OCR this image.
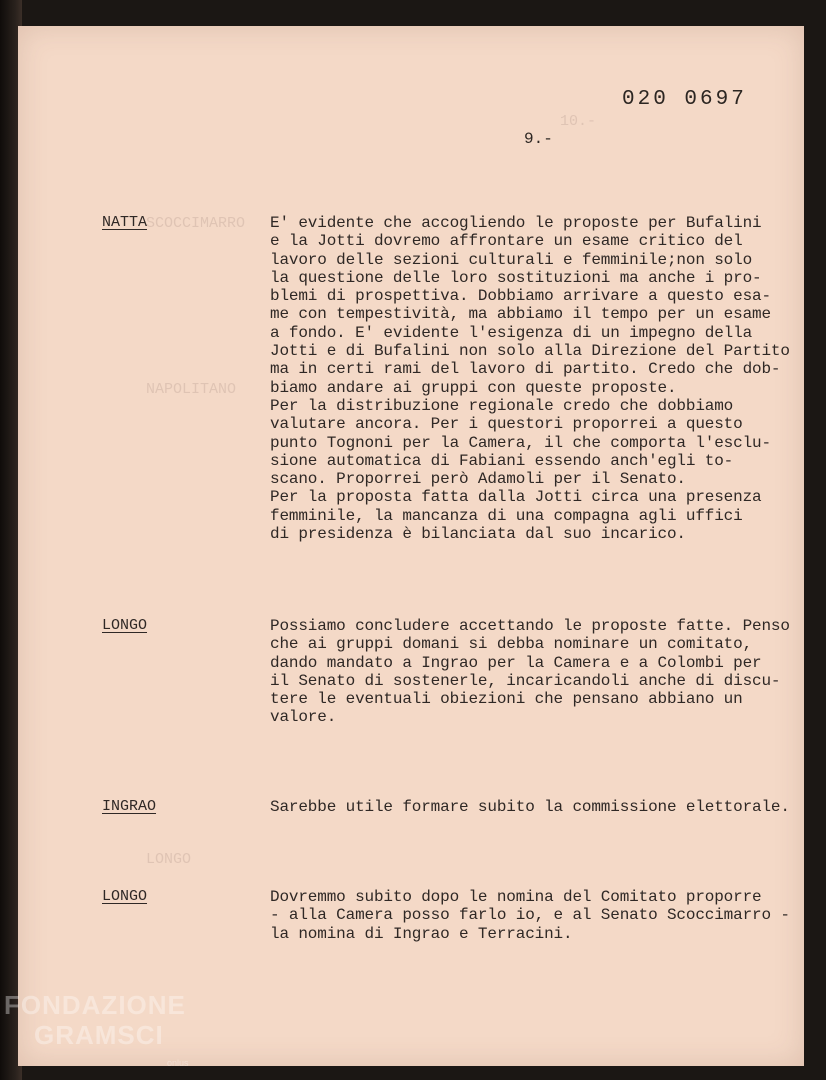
020 0697
9.-
NATTA	E' evidente che accogliendo le proposte per Bufalini
e la Jotti dovremo affrontare un esame critico del
lavoro delle sezioni culturali e femminile;non solo
la questione delle loro sostituzioni ma anche i pro-
blemi di prospettiva. Dobbiamo arrivare a questo esa-
me con tempestività, ma abbiamo il tempo per un esame
a fondo. E' evidente l'esigenza di un impegno della
Jotti e di Bufalini non solo alla Direzione del Partito
ma in certi rami del lavoro di partito. Credo che dob-
biamo andare ai gruppi con queste proposte.
Per la distribuzione regionale credo che dobbiamo
valutare ancora. Per i questori proporrei a questo
punto Tognoni per la Camera, il che comporta l'esclu-
sione automatica di Fabiani essendo anch'egli to-
scano. Proporrei però Adamoli per il Senato.
Per la proposta fatta dalla Jotti circa una presenza
femminile, la mancanza di una compagna agli uffici
di presidenza è bilanciata dal suo incarico.
LONGO	Possiamo concludere accettando le proposte fatte. Penso
che ai gruppi domani si debba nominare un comitato,
dando mandato a Ingrao per la Camera e a Colombi per
il Senato di sostenerle, incaricandoli anche di discu-
tere le eventuali obiezioni che pensano abbiano un
valore.
INGRAO	Sarebbe utile formare subito la commissione elettorale.
LONGO	Dovremmo subito dopo le nomina del Comitato proporre
- alla Camera posso farlo io, e al Senato Scoccimarro -
la nomina di Ingrao e Terracini.
FONDAZIONE
GRAMSCI
onlus
